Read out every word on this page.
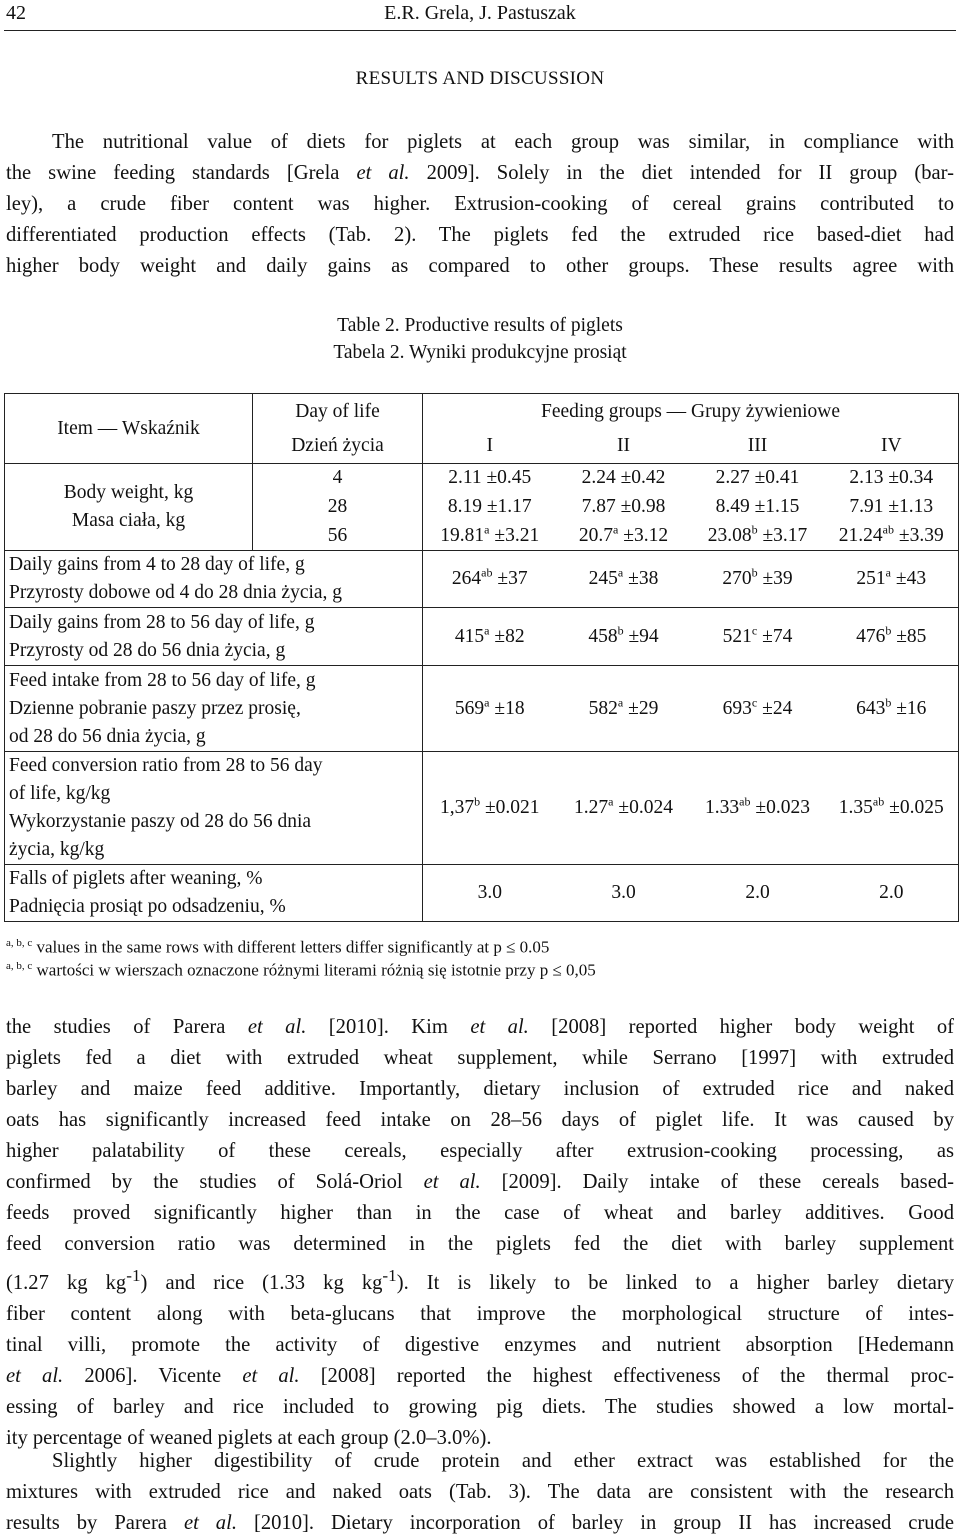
42	E.R. Grela, J. Pastuszak
RESULTS AND DISCUSSION
The nutritional value of diets for piglets at each group was similar, in compliance with
the swine feeding standards [Grela et al. 2009]. Solely in the diet intended for II group (bar-
ley), a crude fiber content was higher. Extrusion-cooking of cereal grains contributed to
differentiated production effects (Tab. 2). The piglets fed the extruded rice based-diet had
higher body weight and daily gains as compared to other groups. These results agree with
Table 2. Productive results of piglets
Tabela 2. Wyniki produkcyjne prosiąt
Item — Wskaźnik	Day of life	Feeding groups — Grupy żywieniowe			
	Dzień życia	I	II	III	IV

Body weight, kg
Masa ciała, kg	4	2.11 ±0.45	2.24 ±0.42	2.27 ±0.41	2.13 ±0.34
	28	8.19 ±1.17	7.87 ±0.98	8.49 ±1.15	7.91 ±1.13
	56	19.81$^a$ ±3.21	20.7$^a$ ±3.12	23.08$^b$ ±3.17	21.24$^{ab}$ ±3.39

Daily gains from 4 to 28 day of life, g
Przyrosty dobowe od 4 do 28 dnia życia, g		$264^{ab} \pm 37$	$245^a \pm 38$	$270^b \pm 39$	$251^a \pm 43$

Daily gains from 28 to 56 day of life, g
Przyrosty od 28 do 56 dnia życia, g		$415^a \pm 82$	$458^b \pm 94$	$521^c \pm 74$	$476^b \pm 85$

Feed intake from 28 to 56 day of life, g
Dzienne pobranie paszy przez prosię,
od 28 do 56 dnia życia, g		$569^a \pm 18$	$582^a \pm 29$	$693^c \pm 24$	$643^b \pm 16$

Feed conversion ratio from 28 to 56 day
of life, kg/kg
Wykorzystanie paszy od 28 do 56 dnia
życia, kg/kg		1,37$^b$ ±0.021	1.27$^a$ ±0.024	1.33$^{ab}$ ±0.023	1.35$^{ab}$ ±0.025

Falls of piglets after weaning, %
Padnięcia prosiąt po odsadzeniu, %		3.0	3.0	2.0	2.0
$^{a, b, c}$ values in the same rows with different letters differ significantly at p ≤ 0.05
$^{a, b, c}$ wartości w wierszach oznaczone różnymi literami różnią się istotnie przy p ≤ 0,05
the studies of Parera et al. [2010]. Kim et al. [2008] reported higher body weight of
piglets fed a diet with extruded wheat supplement, while Serrano [1997] with extruded
barley and maize feed additive. Importantly, dietary inclusion of extruded rice and naked
oats has significantly increased feed intake on 28–56 days of piglet life. It was caused by
higher palatability of these cereals, especially after extrusion-cooking processing, as
confirmed by the studies of Solá-Oriol et al. [2009]. Daily intake of these cereals based-
feeds proved significantly higher than in the case of wheat and barley additives. Good
feed conversion ratio was determined in the piglets fed the diet with barley supplement
(1.27 kg $kg^{-1}$) and rice (1.33 kg $kg^{-1}$). It is likely to be linked to a higher barley dietary
fiber content along with beta-glucans that improve the morphological structure of intes-
tinal villi, promote the activity of digestive enzymes and nutrient absorption [Hedemann
et al. 2006]. Vicente et al. [2008] reported the highest effectiveness of the thermal proc-
essing of barley and rice included to growing pig diets. The studies showed a low mortal-
ity percentage of weaned piglets at each group (2.0–3.0%).
Slightly higher digestibility of crude protein and ether extract was established for the
mixtures with extruded rice and naked oats (Tab. 3). The data are consistent with the research
results by Parera et al. [2010]. Dietary incorporation of barley in group II has increased crude
